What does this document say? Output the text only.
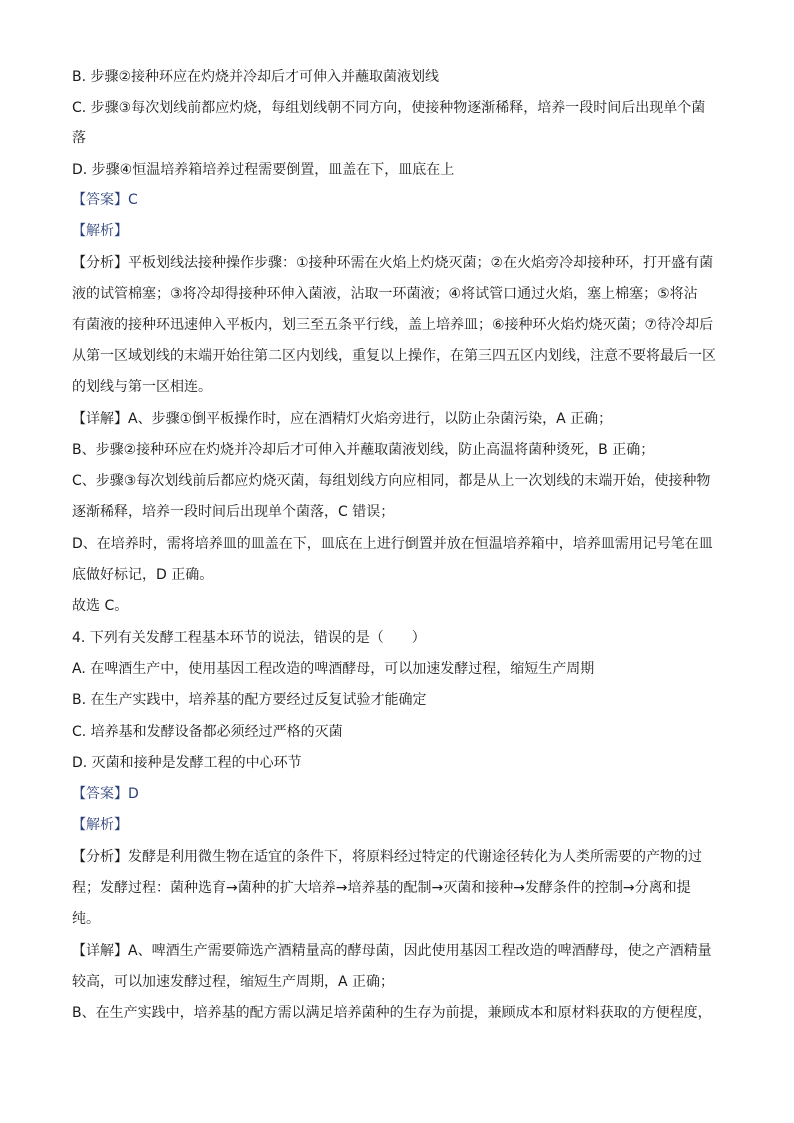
B. 步骤②接种环应在灼烧并冷却后才可伸入并蘸取菌液划线
C. 步骤③每次划线前都应灼烧，每组划线朝不同方向，使接种物逐渐稀释，培养一段时间后出现单个菌
落
D. 步骤④恒温培养箱培养过程需要倒置，皿盖在下，皿底在上
【答案】C
【解析】
【分析】平板划线法接种操作步骤：①接种环需在火焰上灼烧灭菌；②在火焰旁冷却接种环，打开盛有菌
液的试管棉塞；③将冷却得接种环伸入菌液，沾取一环菌液；④将试管口通过火焰，塞上棉塞；⑤将沾
有菌液的接种环迅速伸入平板内，划三至五条平行线，盖上培养皿；⑥接种环火焰灼烧灭菌；⑦待冷却后
从第一区域划线的末端开始往第二区内划线，重复以上操作，在第三四五区内划线，注意不要将最后一区
的划线与第一区相连。
【详解】A、步骤①倒平板操作时，应在酒精灯火焰旁进行，以防止杂菌污染，A 正确；
B、步骤②接种环应在灼烧并冷却后才可伸入并蘸取菌液划线，防止高温将菌种烫死，B 正确；
C、步骤③每次划线前后都应灼烧灭菌，每组划线方向应相同，都是从上一次划线的末端开始，使接种物
逐渐稀释，培养一段时间后出现单个菌落，C 错误；
D、在培养时，需将培养皿的皿盖在下，皿底在上进行倒置并放在恒温培养箱中，培养皿需用记号笔在皿
底做好标记，D 正确。
故选 C。
4. 下列有关发酵工程基本环节的说法，错误的是（　　）
A. 在啤酒生产中，使用基因工程改造的啤酒酵母，可以加速发酵过程，缩短生产周期
B. 在生产实践中，培养基的配方要经过反复试验才能确定
C. 培养基和发酵设备都必须经过严格的灭菌
D. 灭菌和接种是发酵工程的中心环节
【答案】D
【解析】
【分析】发酵是利用微生物在适宜的条件下，将原料经过特定的代谢途径转化为人类所需要的产物的过
程；发酵过程：菌种选育→菌种的扩大培养→培养基的配制→灭菌和接种→发酵条件的控制→分离和提
纯。
【详解】A、啤酒生产需要筛选产酒精量高的酵母菌，因此使用基因工程改造的啤酒酵母，使之产酒精量
较高，可以加速发酵过程，缩短生产周期，A 正确；
B、在生产实践中，培养基的配方需以满足培养菌种的生存为前提，兼顾成本和原材料获取的方便程度，
